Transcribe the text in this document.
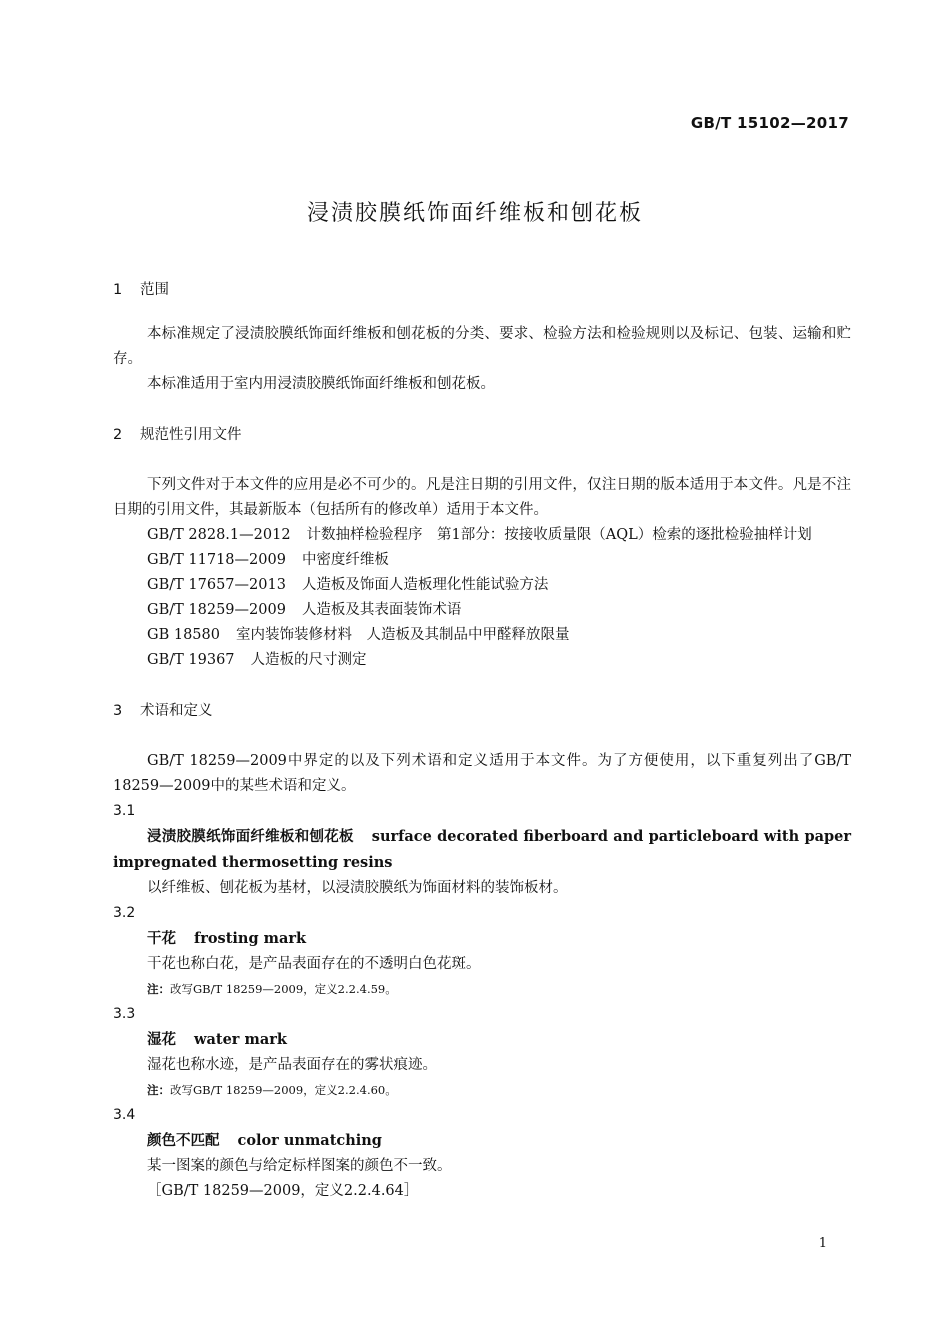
GB/T 15102—2017
浸渍胶膜纸饰面纤维板和刨花板
1 范围

本标准规定了浸渍胶膜纸饰面纤维板和刨花板的分类、要求、检验方法和检验规则以及标记、包装、运输和贮存。

本标准适用于室内用浸渍胶膜纸饰面纤维板和刨花板。

2 规范性引用文件

下列文件对于本文件的应用是必不可少的。凡是注日期的引用文件，仅注日期的版本适用于本文件。凡是不注日期的引用文件，其最新版本（包括所有的修改单）适用于本文件。

GB/T 2828.1—2012 计数抽样检验程序　第1部分：按接收质量限（AQL）检索的逐批检验抽样计划

GB/T 11718—2009 中密度纤维板

GB/T 17657—2013 人造板及饰面人造板理化性能试验方法

GB/T 18259—2009 人造板及其表面装饰术语

GB 18580 室内装饰装修材料　人造板及其制品中甲醛释放限量

GB/T 19367 人造板的尺寸测定

3 术语和定义

GB/T 18259—2009中界定的以及下列术语和定义适用于本文件。为了方便使用，以下重复列出了GB/T 18259—2009中的某些术语和定义。

3.1

浸渍胶膜纸饰面纤维板和刨花板 surface decorated fiberboard and particleboard with paper impregnated thermosetting resins

以纤维板、刨花板为基材，以浸渍胶膜纸为饰面材料的装饰板材。

3.2

干花 frosting mark

干花也称白花，是产品表面存在的不透明白色花斑。

注：改写GB/T 18259—2009，定义2.2.4.59。

3.3

湿花 water mark

湿花也称水迹，是产品表面存在的雾状痕迹。

注：改写GB/T 18259—2009，定义2.2.4.60。

3.4

颜色不匹配 color unmatching

某一图案的颜色与给定标样图案的颜色不一致。

［GB/T 18259—2009，定义2.2.4.64］

1
